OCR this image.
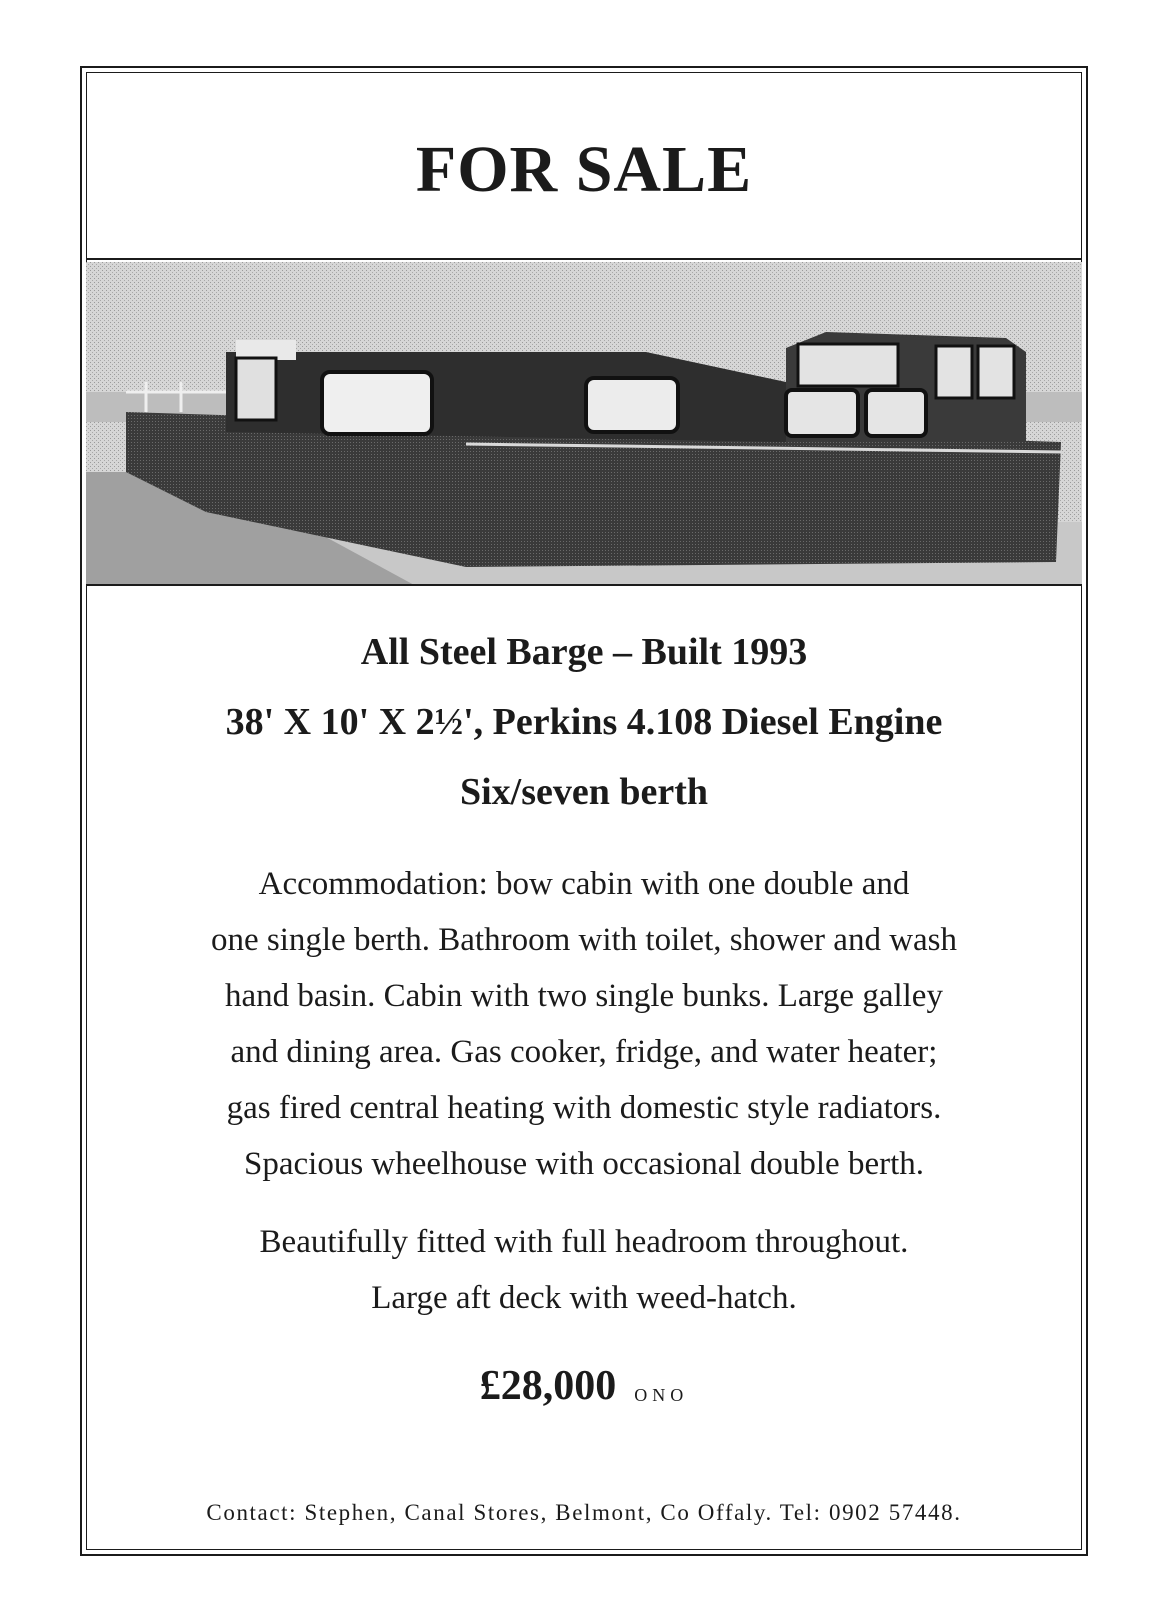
FOR SALE
All Steel Barge – Built 1993
38' X 10' X 2½', Perkins 4.108 Diesel Engine
Six/seven berth
Accommodation: bow cabin with one double and
one single berth. Bathroom with toilet, shower and wash
hand basin. Cabin with two single bunks. Large galley
and dining area. Gas cooker, fridge, and water heater;
gas fired central heating with domestic style radiators.
Spacious wheelhouse with occasional double berth.
Beautifully fitted with full headroom throughout.
Large aft deck with weed-hatch.
£28,000 ONO
Contact: Stephen, Canal Stores, Belmont, Co Offaly. Tel: 0902 57448.
